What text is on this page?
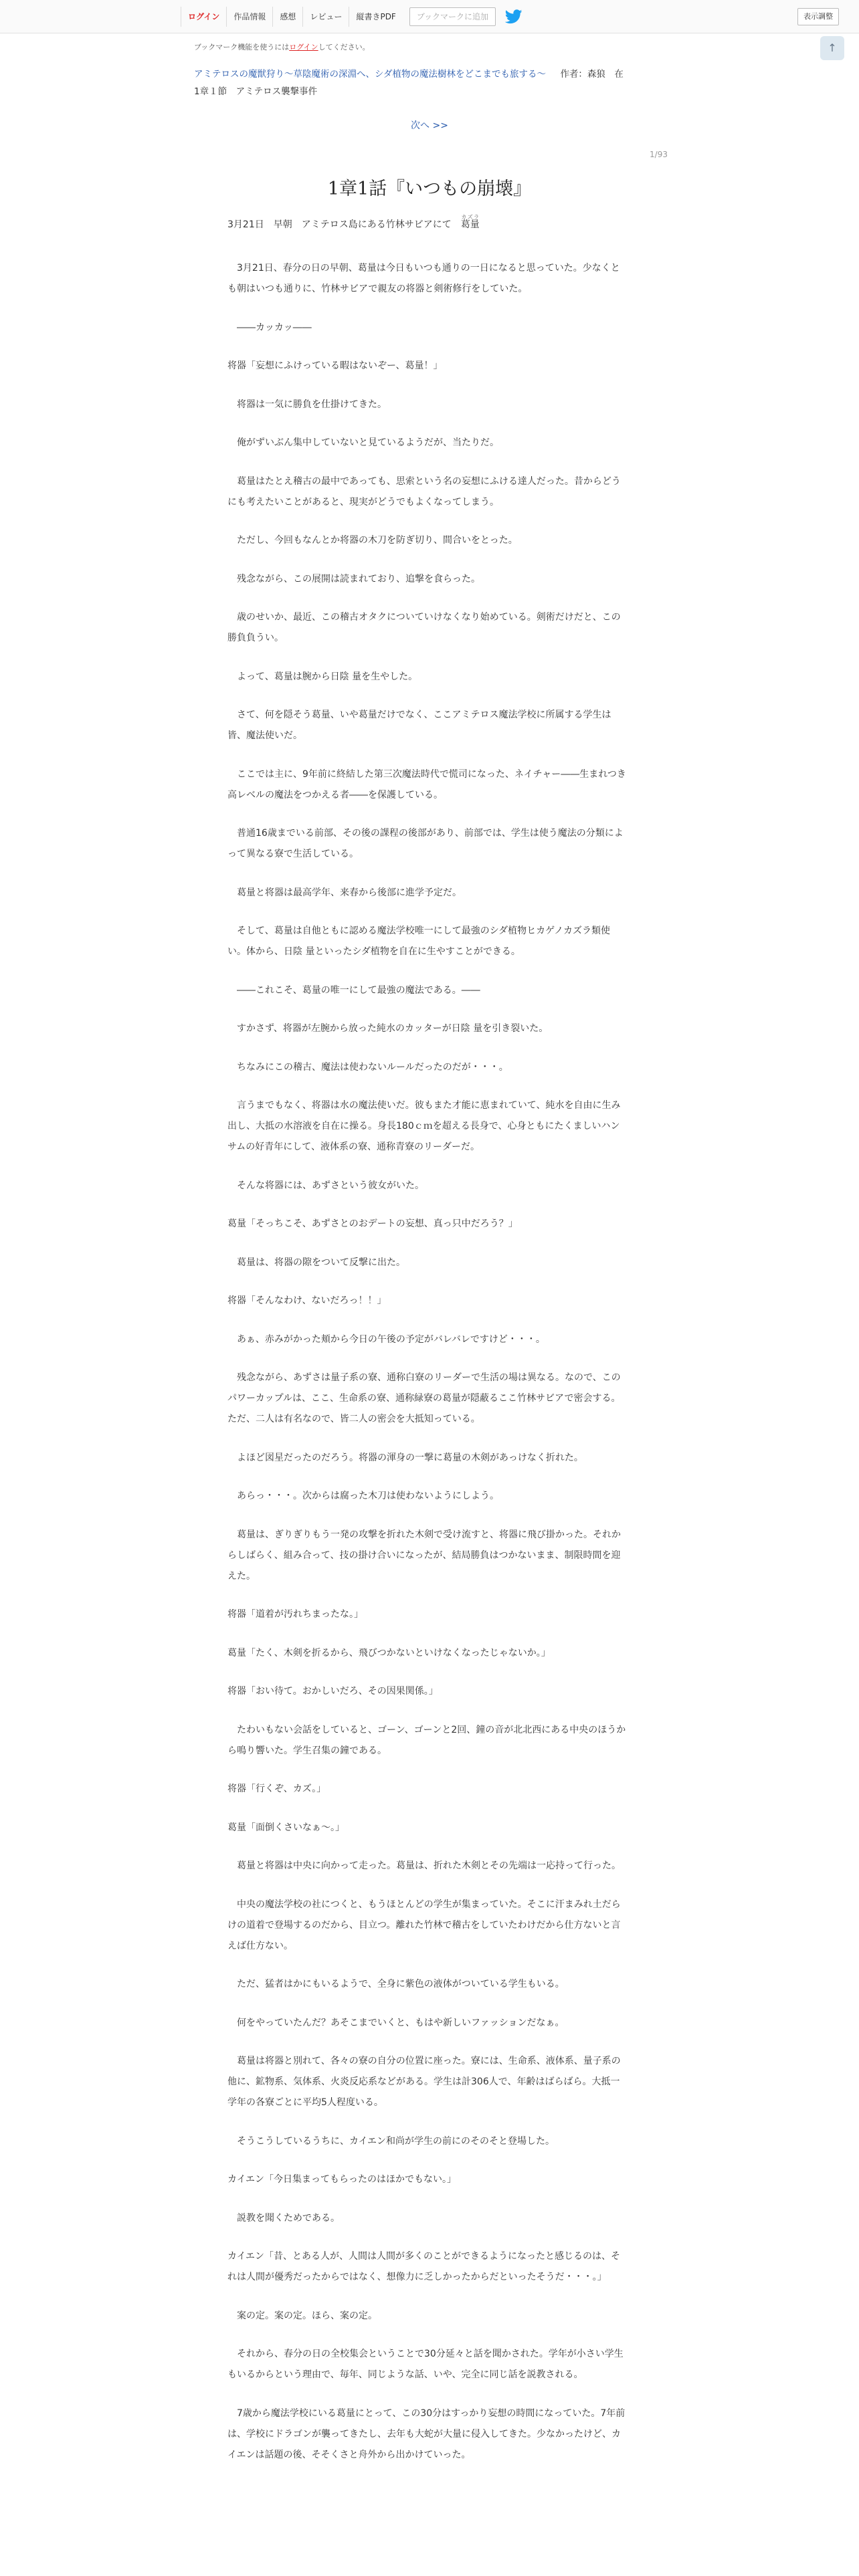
ログイン	作品情報	感想	レビュー	縦書きPDF	ブックマークに追加	表示調整
↑
ブックマーク機能を使うにはログインしてください。
アミテロスの魔獣狩り〜草陰魔術の深淵へ、シダ植物の魔法樹林をどこまでも旅する〜 作者：森狼　在
1章１節　アミテロス襲撃事件
次へ >>
1/93
1章1話『いつもの崩壊』

3月21日　早朝　アミテロス島にある竹林サビアにて　葛量カズラ

　3月21日、春分の日の早朝、葛量は今日もいつも通りの一日になると思っていた。少なくとも朝はいつも通りに、竹林サビアで親友の将器と剣術修行をしていた。

　――カッカッ――

将器「妄想にふけっている暇はないぞー、葛量！」

　将器は一気に勝負を仕掛けてきた。

　俺がずいぶん集中していないと見ているようだが、当たりだ。

　葛量はたとえ稽古の最中であっても、思索という名の妄想にふける達人だった。昔からどうにも考えたいことがあると、現実がどうでもよくなってしまう。

　ただし、今回もなんとか将器の木刀を防ぎ切り、間合いをとった。

　残念ながら、この展開は読まれており、追撃を食らった。

　歳のせいか、最近、この稽古オタクについていけなくなり始めている。剣術だけだと、この勝負負うい。

　よって、葛量は腕から日陰 量を生やした。

　さて、何を隠そう葛量、いや葛量だけでなく、ここアミテロス魔法学校に所属する学生は皆、魔法使いだ。

　ここでは主に、9年前に終結した第三次魔法時代で慌司になった、ネイチャー――生まれつき高レベルの魔法をつかえる者――を保護している。

　普通16歳までいる前部、その後の課程の後部があり、前部では、学生は使う魔法の分類によって異なる寮で生活している。

　葛量と将器は最高学年、来春から後部に進学予定だ。

　そして、葛量は自他ともに認める魔法学校唯一にして最強のシダ植物ヒカゲノカズラ類使い。体から、日陰 量といったシダ植物を自在に生やすことができる。

　――これこそ、葛量の唯一にして最強の魔法である。――

　すかさず、将器が左腕から放った純水のカッターが日陰 量を引き裂いた。

　ちなみにこの稽古、魔法は使わないルールだったのだが・・・。

　言うまでもなく、将器は水の魔法使いだ。彼もまた才能に恵まれていて、純水を自由に生み出し、大抵の水溶液を自在に操る。身長180ｃｍを超える長身で、心身ともにたくましいハンサムの好青年にして、液体系の寮、通称青寮のリーダーだ。

　そんな将器には、あずさという彼女がいた。

葛量「そっちこそ、あずさとのおデートの妄想、真っ只中だろう？」

　葛量は、将器の隙をついて反撃に出た。

将器「そんなわけ、ないだろっ！！」

　あぁ、赤みがかった頬から今日の午後の予定がバレバレですけど・・・。

　残念ながら、あずさは量子系の寮、通称白寮のリーダーで生活の場は異なる。なので、このパワーカップルは、ここ、生命系の寮、通称緑寮の葛量が隠蔽るここ竹林サビアで密会する。ただ、二人は有名なので、皆二人の密会を大抵知っている。

　よほど図星だったのだろう。将器の渾身の一撃に葛量の木剣があっけなく折れた。

　あらっ・・・。次からは腐った木刀は使わないようにしよう。

　葛量は、ぎりぎりもう一発の攻撃を折れた木剣で受け流すと、将器に飛び掛かった。それからしばらく、組み合って、技の掛け合いになったが、結局勝負はつかないまま、制限時間を迎えた。

将器「道着が汚れちまったな。」

葛量「たく、木剣を折るから、飛びつかないといけなくなったじゃないか。」

将器「おい待て。おかしいだろ、その因果関係。」

　たわいもない会話をしていると、ゴーン、ゴーンと2回、鐘の音が北北西にある中央のほうから鳴り響いた。学生召集の鐘である。

将器「行くぞ、カズ。」

葛量「面倒くさいなぁ～。」

　葛量と将器は中央に向かって走った。葛量は、折れた木剣とその先端は一応持って行った。

　中央の魔法学校の社につくと、もうほとんどの学生が集まっていた。そこに汗まみれ土だらけの道着で登場するのだから、目立つ。離れた竹林で稽古をしていたわけだから仕方ないと言えば仕方ない。

　ただ、猛者はかにもいるようで、全身に紫色の液体がついている学生もいる。

　何をやっていたんだ？あそこまでいくと、もはや新しいファッションだなぁ。

　葛量は将器と別れて、各々の寮の自分の位置に座った。寮には、生命系、液体系、量子系の他に、鉱物系、気体系、火炎反応系などがある。学生は計306人で、年齢はばらばら。大抵一学年の各寮ごとに平均5人程度いる。

　そうこうしているうちに、カイエン和尚が学生の前にのそのそと登場した。

カイエン「今日集まってもらったのはほかでもない。」

　説教を聞くためである。

カイエン「昔、とある人が、人間は人間が多くのことができるようになったと感じるのは、それは人間が優秀だったからではなく、想像力に乏しかったからだといったそうだ・・・。」

　案の定。案の定。ほら、案の定。

　それから、春分の日の全校集会ということで30分延々と話を聞かされた。学年が小さい学生もいるからという理由で、毎年、同じような話、いや、完全に同じ話を説教される。

　7歳から魔法学校にいる葛量にとって、この30分はすっかり妄想の時間になっていた。7年前は、学校にドラゴンが襲ってきたし、去年も大蛇が大量に侵入してきた。少なかったけど、カイエンは話題の後、そそくさと舟外から出かけていった。
